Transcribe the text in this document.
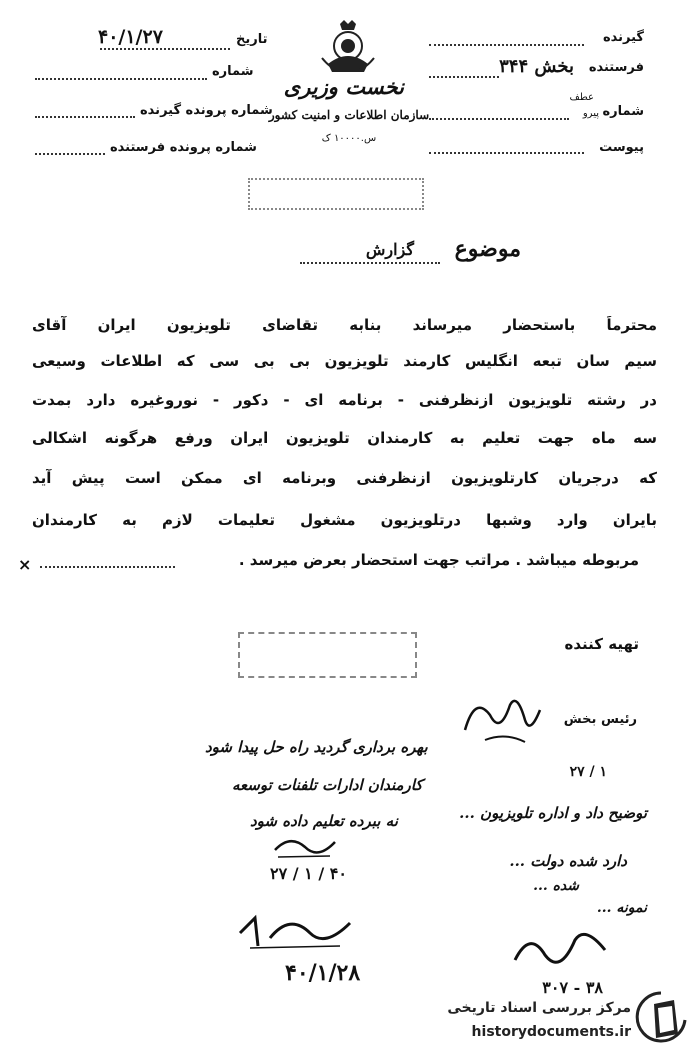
گیرنده
فرستنده
بخش ۳۴۴
شماره
عطف
پیرو
پیوست
نخست وزیری
سازمان اطلاعات و امنیت کشور
س.۱۰۰۰۰ ک
تاریخ
۴۰/۱/۲۷
شماره
شماره پرونده گیرنده
شماره پرونده فرستنده
موضوع
گزارش
محترماً باستحضار میرساند بنابه تقاضای تلویزیون ایران آقای
سیم سان تبعه انگلیس کارمند تلویزیون بی بی سی که اطلاعات وسیعی
در رشته تلویزیون ازنظرفنی - برنامه ای - دکور - نوروغیره دارد بمدت
سه ماه جهت تعلیم به کارمندان تلویزیون ایران ورفع هرگونه اشکالی
که درجریان کارتلویزیون ازنظرفنی وبرنامه ای ممکن است پیش آید
بایران وارد وشبها درتلویزیون مشغول تعلیمات لازم به کارمندان
مربوطه میباشد . مراتب جهت استحضار بعرض میرسد .
×
تهیه کننده
رئیس بخش
بهره برداری گردید راه حل پیدا شود
کارمندان ادارات تلفنات توسعه
نه ببرده تعلیم داده شود
۲۷ / ۱ / ۴۰
۴۰/۱/۲۸
۲۷ / ۱
توضیح داد و اداره تلویزیون ...
دارد شده دولت ...
شده ...
نمونه ...
۳۰۷ - ۳۸
مرکز بررسی اسناد تاریخی
historydocuments.ir
